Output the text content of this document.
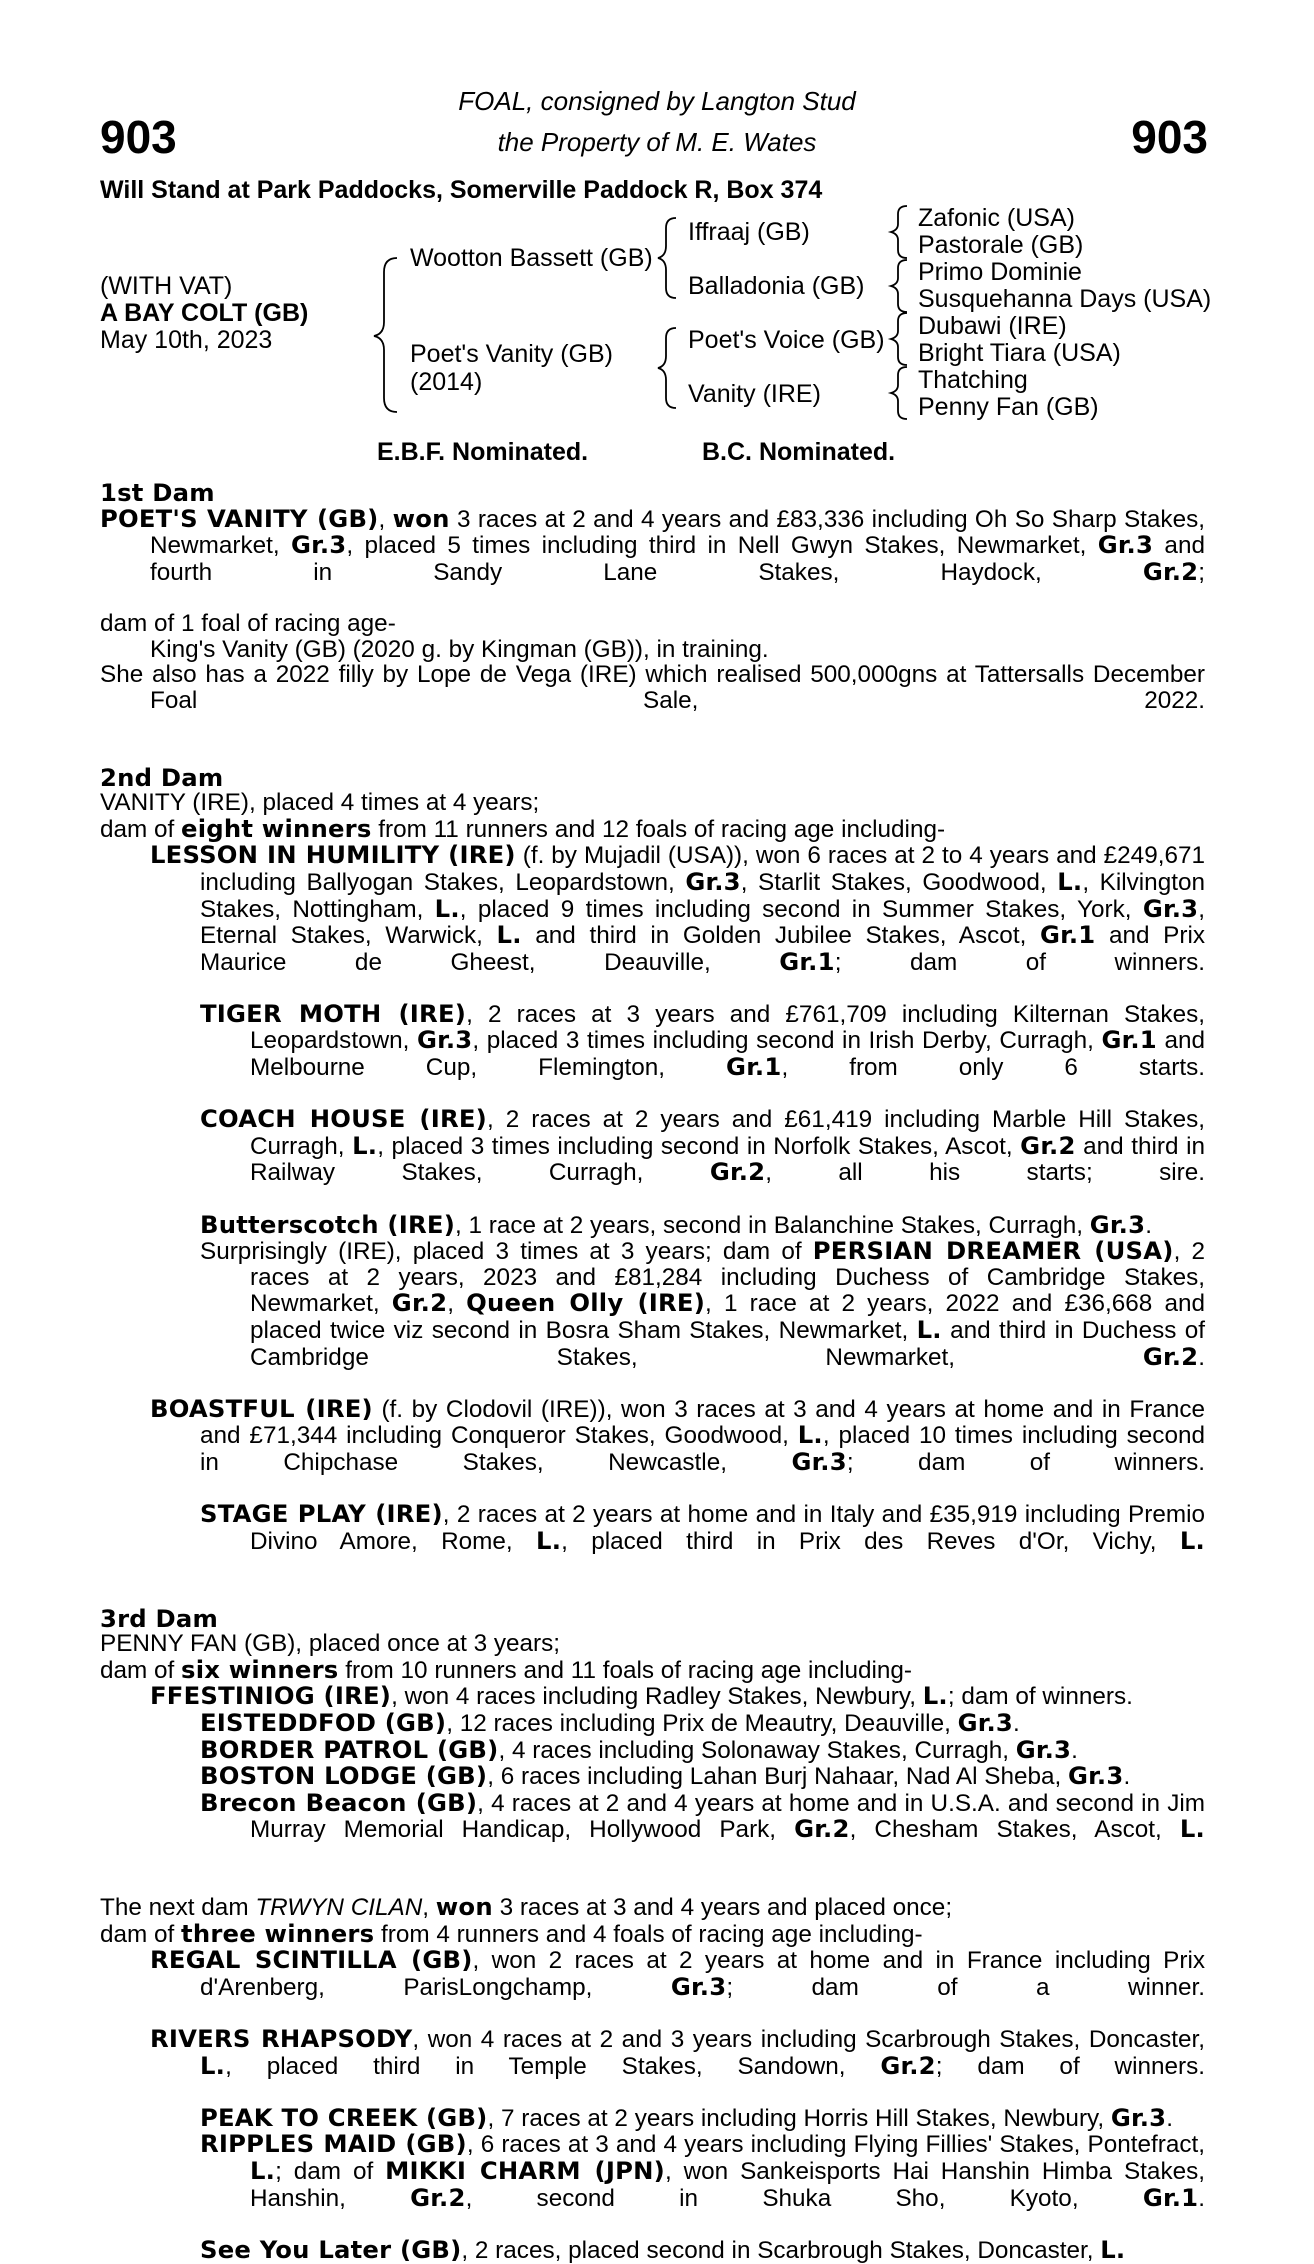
903	903
FOAL, consigned by Langton Stud
the Property of M. E. Wates
Will Stand at Park Paddocks, Somerville Paddock R, Box 374
(WITH VAT)
A BAY COLT (GB)
May 10th, 2023
Wootton Bassett (GB)
Poet's Vanity (GB)
(2014)
Iffraaj (GB)
Balladonia (GB)
Poet's Voice (GB)
Vanity (IRE)
Zafonic (USA)
Pastorale (GB)
Primo Dominie
Susquehanna Days (USA)
Dubawi (IRE)
Bright Tiara (USA)
Thatching
Penny Fan (GB)
E.B.F. Nominated.	B.C. Nominated.
1st Dam
POET'S VANITY (GB), won 3 races at 2 and 4 years and £83,336 including Oh So Sharp Stakes, Newmarket, Gr.3, placed 5 times including third in Nell Gwyn Stakes, Newmarket, Gr.3 and fourth in Sandy Lane Stakes, Haydock, Gr.2;
dam of 1 foal of racing age-
King's Vanity (GB) (2020 g. by Kingman (GB)), in training.
She also has a 2022 filly by Lope de Vega (IRE) which realised 500,000gns at Tattersalls December Foal Sale, 2022.
2nd Dam
VANITY (IRE), placed 4 times at 4 years;
dam of eight winners from 11 runners and 12 foals of racing age including-
LESSON IN HUMILITY (IRE) (f. by Mujadil (USA)), won 6 races at 2 to 4 years and £249,671 including Ballyogan Stakes, Leopardstown, Gr.3, Starlit Stakes, Goodwood, L., Kilvington Stakes, Nottingham, L., placed 9 times including second in Summer Stakes, York, Gr.3, Eternal Stakes, Warwick, L. and third in Golden Jubilee Stakes, Ascot, Gr.1 and Prix Maurice de Gheest, Deauville, Gr.1; dam of winners.
TIGER MOTH (IRE), 2 races at 3 years and £761,709 including Kilternan Stakes, Leopardstown, Gr.3, placed 3 times including second in Irish Derby, Curragh, Gr.1 and Melbourne Cup, Flemington, Gr.1, from only 6 starts.
COACH HOUSE (IRE), 2 races at 2 years and £61,419 including Marble Hill Stakes, Curragh, L., placed 3 times including second in Norfolk Stakes, Ascot, Gr.2 and third in Railway Stakes, Curragh, Gr.2, all his starts; sire.
Butterscotch (IRE), 1 race at 2 years, second in Balanchine Stakes, Curragh, Gr.3.
Surprisingly (IRE), placed 3 times at 3 years; dam of PERSIAN DREAMER (USA), 2 races at 2 years, 2023 and £81,284 including Duchess of Cambridge Stakes, Newmarket, Gr.2, Queen Olly (IRE), 1 race at 2 years, 2022 and £36,668 and placed twice viz second in Bosra Sham Stakes, Newmarket, L. and third in Duchess of Cambridge Stakes, Newmarket, Gr.2.
BOASTFUL (IRE) (f. by Clodovil (IRE)), won 3 races at 3 and 4 years at home and in France and £71,344 including Conqueror Stakes, Goodwood, L., placed 10 times including second in Chipchase Stakes, Newcastle, Gr.3; dam of winners.
STAGE PLAY (IRE), 2 races at 2 years at home and in Italy and £35,919 including Premio Divino Amore, Rome, L., placed third in Prix des Reves d'Or, Vichy, L.
3rd Dam
PENNY FAN (GB), placed once at 3 years;
dam of six winners from 10 runners and 11 foals of racing age including-
FFESTINIOG (IRE), won 4 races including Radley Stakes, Newbury, L.; dam of winners.
EISTEDDFOD (GB), 12 races including Prix de Meautry, Deauville, Gr.3.
BORDER PATROL (GB), 4 races including Solonaway Stakes, Curragh, Gr.3.
BOSTON LODGE (GB), 6 races including Lahan Burj Nahaar, Nad Al Sheba, Gr.3.
Brecon Beacon (GB), 4 races at 2 and 4 years at home and in U.S.A. and second in Jim Murray Memorial Handicap, Hollywood Park, Gr.2, Chesham Stakes, Ascot, L.
The next dam TRWYN CILAN, won 3 races at 3 and 4 years and placed once;
dam of three winners from 4 runners and 4 foals of racing age including-
REGAL SCINTILLA (GB), won 2 races at 2 years at home and in France including Prix d'Arenberg, ParisLongchamp, Gr.3; dam of a winner.
RIVERS RHAPSODY, won 4 races at 2 and 3 years including Scarbrough Stakes, Doncaster, L., placed third in Temple Stakes, Sandown, Gr.2; dam of winners.
PEAK TO CREEK (GB), 7 races at 2 years including Horris Hill Stakes, Newbury, Gr.3.
RIPPLES MAID (GB), 6 races at 3 and 4 years including Flying Fillies' Stakes, Pontefract, L.; dam of MIKKI CHARM (JPN), won Sankeisports Hai Hanshin Himba Stakes, Hanshin, Gr.2, second in Shuka Sho, Kyoto, Gr.1.
See You Later (GB), 2 races, placed second in Scarbrough Stakes, Doncaster, L.
